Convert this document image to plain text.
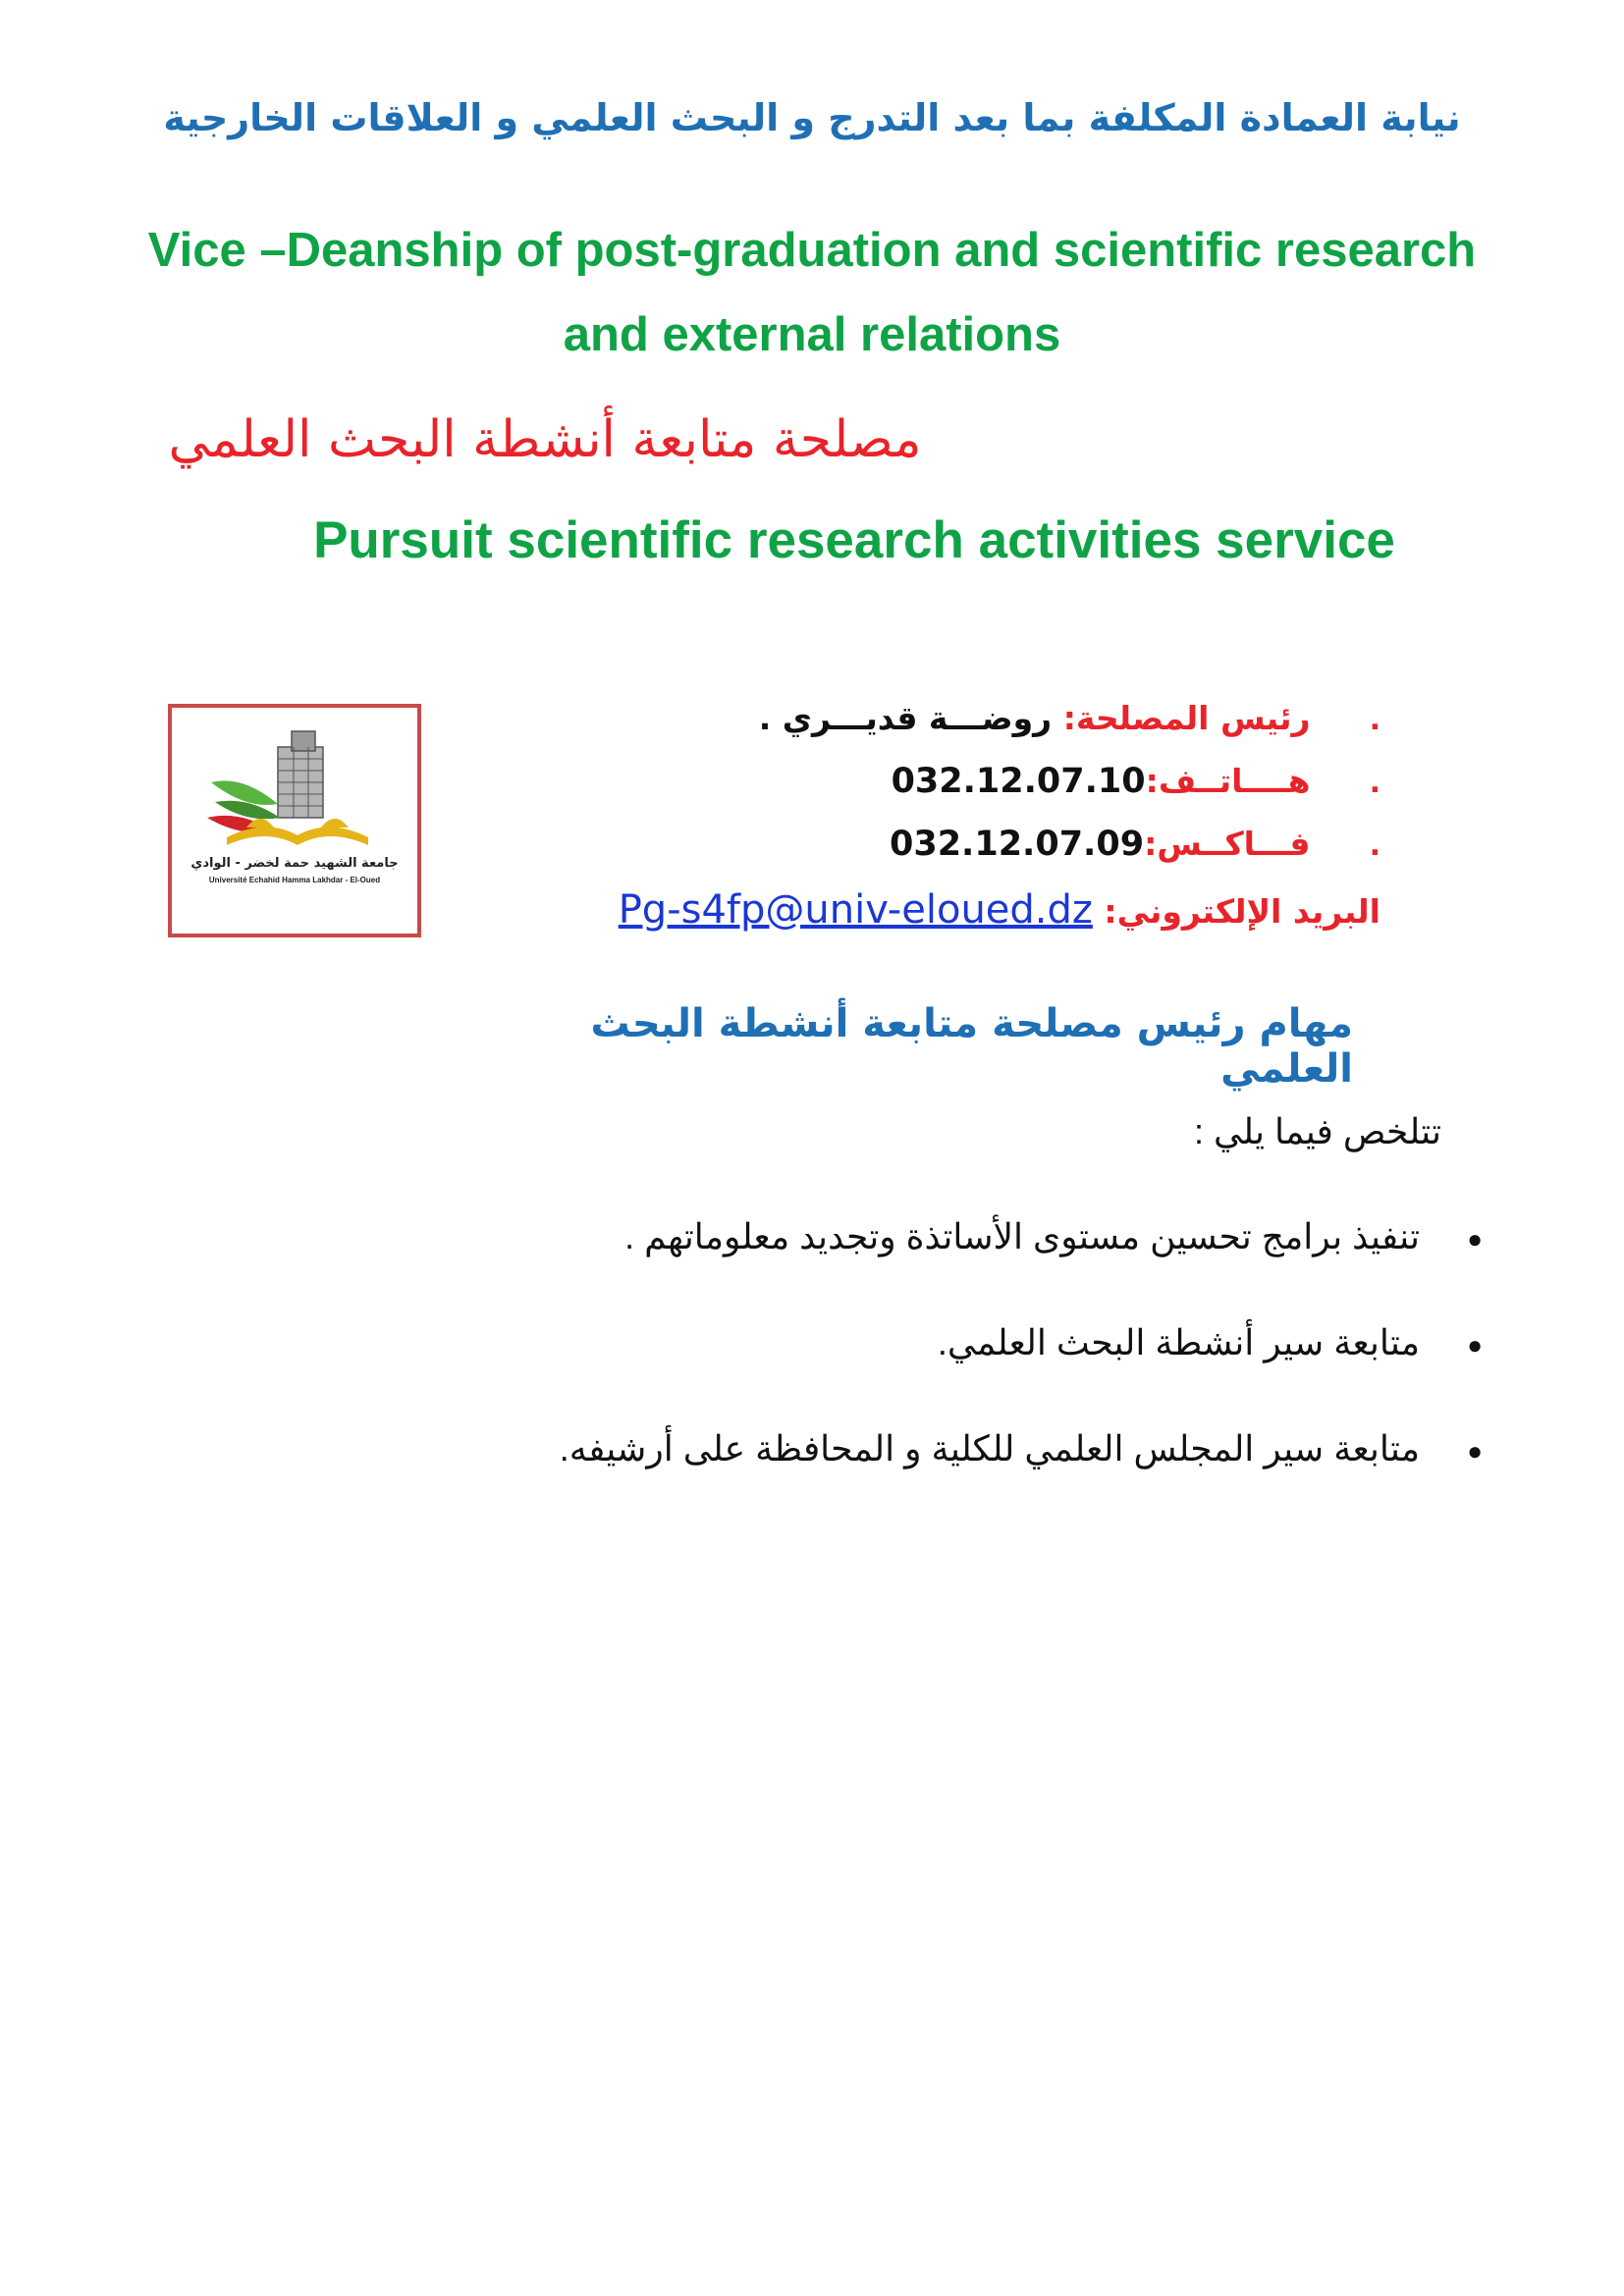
نيابة العمادة المكلفة بما بعد التدرج و البحث العلمي و العلاقات الخارجية
Vice –Deanship of post-graduation and scientific research
and external relations
مصلحة متابعة أنشطة البحث العلمي
Pursuit scientific research activities service
جامعة الشهيد حمة لخضر - الوادي
Université Echahid Hamma Lakhdar - El-Oued
. رئيس المصلحة: روضـــة قديـــري .
. هــــاتــف:032.12.07.10
. فـــاكــس:032.12.07.09
البريد الإلكتروني: Pg-s4fp@univ-eloued.dz
مهام رئيس مصلحة متابعة أنشطة البحث العلمي
تتلخص فيما يلي :
●تنفيذ برامج تحسين مستوى الأساتذة وتجديد معلوماتهم .
●متابعة سير أنشطة البحث العلمي.
●متابعة سير المجلس العلمي للكلية و المحافظة على أرشيفه.
